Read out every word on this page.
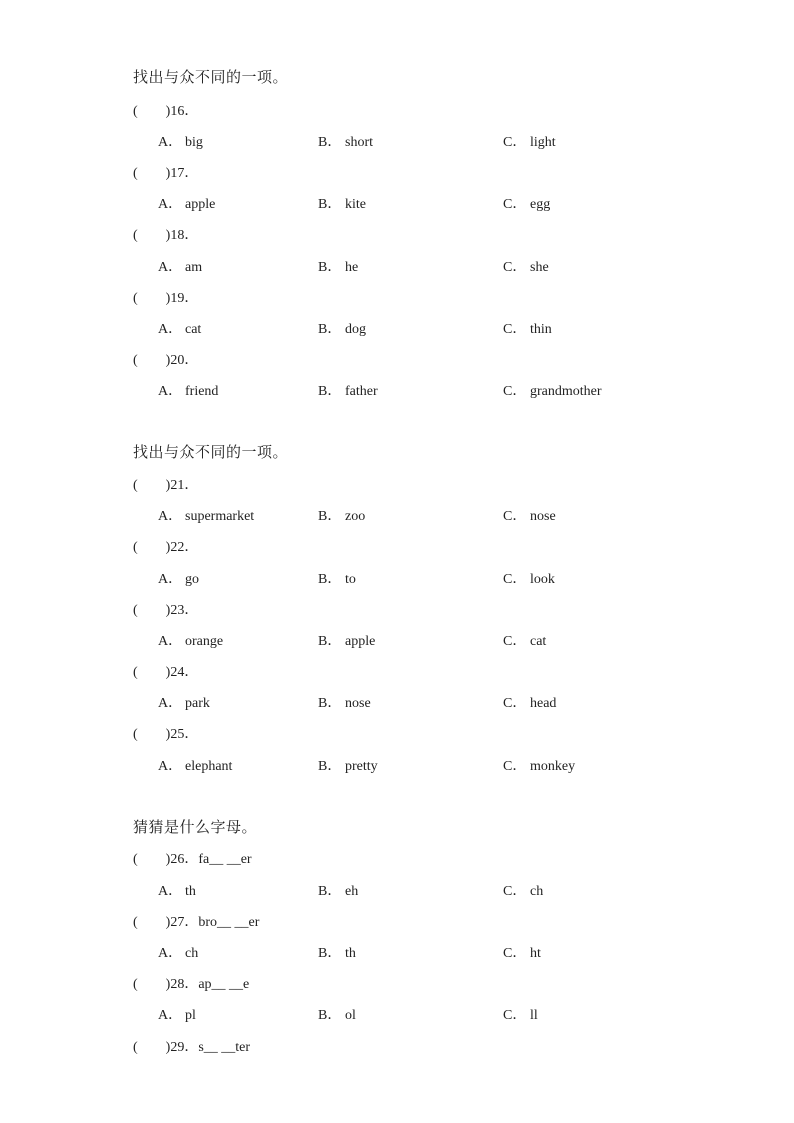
找出与众不同的一项。
(　　)16．
A． big	B． short	C． light
(　　)17．
A． apple	B． kite	C． egg
(　　)18．
A． am	B． he	C． she
(　　)19．
A． cat	B． dog	C． thin
(　　)20．
A． friend	B． father	C． grandmother
找出与众不同的一项。
(　　)21．
A． supermarket	B． zoo	C． nose
(　　)22．
A． go	B． to	C． look
(　　)23．
A． orange	B． apple	C． cat
(　　)24．
A． park	B． nose	C． head
(　　)25．
A． elephant	B． pretty	C． monkey
猜猜是什么字母。
(　　)26．fa__ __er
A． th	B． eh	C． ch
(　　)27．bro__ __er
A． ch	B． th	C． ht
(　　)28．ap__ __e
A． pl	B． ol	C． ll
(　　)29．s__ __ter
